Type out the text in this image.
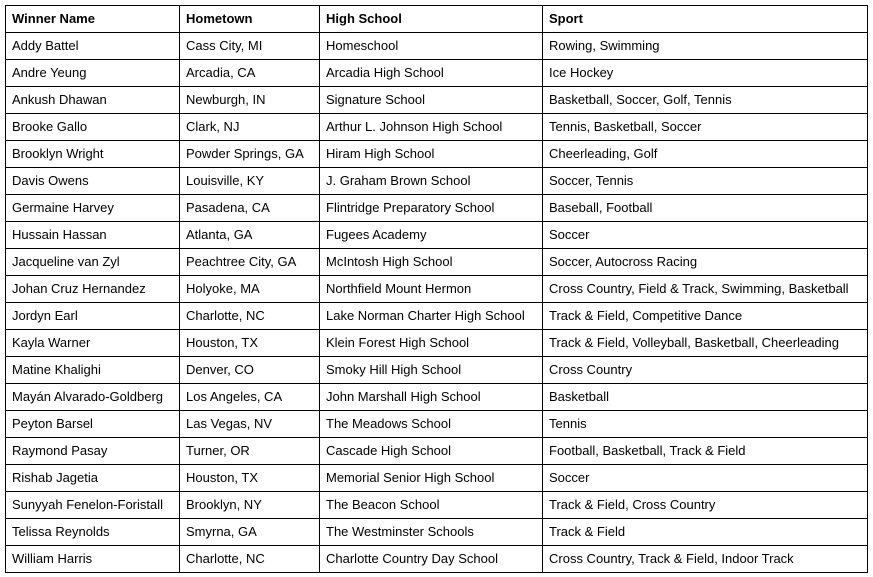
Winner Name	Hometown	High School	Sport
Addy Battel	Cass City, MI	Homeschool	Rowing, Swimming
Andre Yeung	Arcadia, CA	Arcadia High School	Ice Hockey
Ankush Dhawan	Newburgh, IN	Signature School	Basketball, Soccer, Golf, Tennis
Brooke Gallo	Clark, NJ	Arthur L. Johnson High School	Tennis, Basketball, Soccer
Brooklyn Wright	Powder Springs, GA	Hiram High School	Cheerleading, Golf
Davis Owens	Louisville, KY	J. Graham Brown School	Soccer, Tennis
Germaine Harvey	Pasadena, CA	Flintridge Preparatory School	Baseball, Football
Hussain Hassan	Atlanta, GA	Fugees Academy	Soccer
Jacqueline van Zyl	Peachtree City, GA	McIntosh High School	Soccer, Autocross Racing
Johan Cruz Hernandez	Holyoke, MA	Northfield Mount Hermon	Cross Country, Field & Track, Swimming, Basketball
Jordyn Earl	Charlotte, NC	Lake Norman Charter High School	Track & Field, Competitive Dance
Kayla Warner	Houston, TX	Klein Forest High School	Track & Field, Volleyball, Basketball, Cheerleading
Matine Khalighi	Denver, CO	Smoky Hill High School	Cross Country
Mayán Alvarado-Goldberg	Los Angeles, CA	John Marshall High School	Basketball
Peyton Barsel	Las Vegas, NV	The Meadows School	Tennis
Raymond Pasay	Turner, OR	Cascade High School	Football, Basketball, Track & Field
Rishab Jagetia	Houston, TX	Memorial Senior High School	Soccer
Sunyyah Fenelon-Foristall	Brooklyn, NY	The Beacon School	Track & Field, Cross Country
Telissa Reynolds	Smyrna, GA	The Westminster Schools	Track & Field
William Harris	Charlotte, NC	Charlotte Country Day School	Cross Country, Track & Field, Indoor Track
